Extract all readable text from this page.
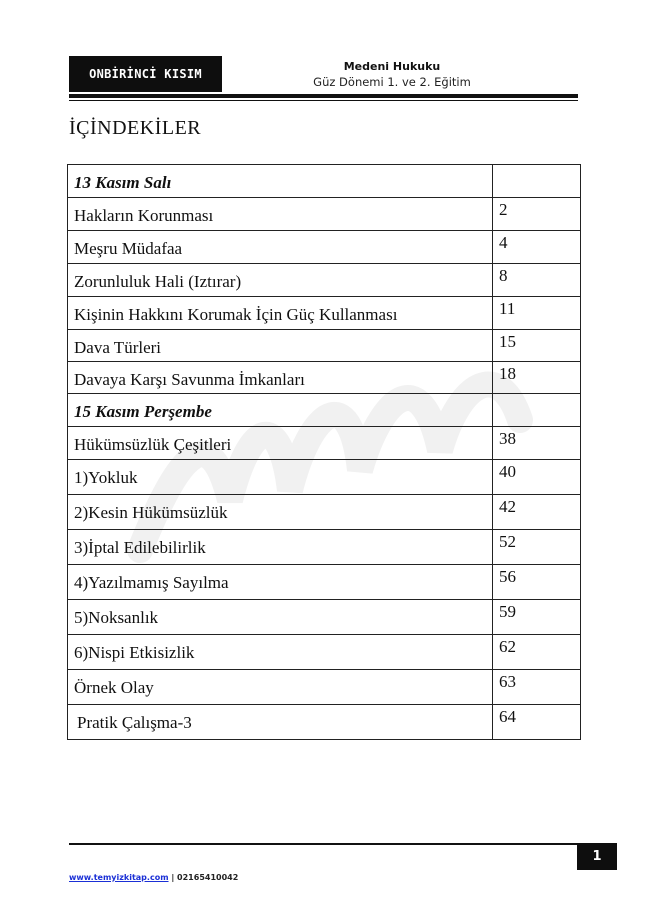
ONBİRİNCİ KISIM
Medeni Hukuku
Güz Dönemi 1. ve 2. Eğitim
İÇİNDEKİLER
13 Kasım Salı	

Hakların Korunması	2

Meşru Müdafaa	4

Zorunluluk Hali (Iztırar)	8

Kişinin Hakkını Korumak İçin Güç Kullanması	11

Dava Türleri	15

Davaya Karşı Savunma İmkanları	18

15 Kasım Perşembe	

Hükümsüzlük Çeşitleri	38

1)Yokluk	40

2)Kesin Hükümsüzlük	42

3)İptal Edilebilirlik	52

4)Yazılmamış Sayılma	56

5)Noksanlık	59

6)Nispi Etkisizlik	62

Örnek Olay	63

Pratik Çalışma-3	64
1
www.temyizkitap.com | 02165410042
